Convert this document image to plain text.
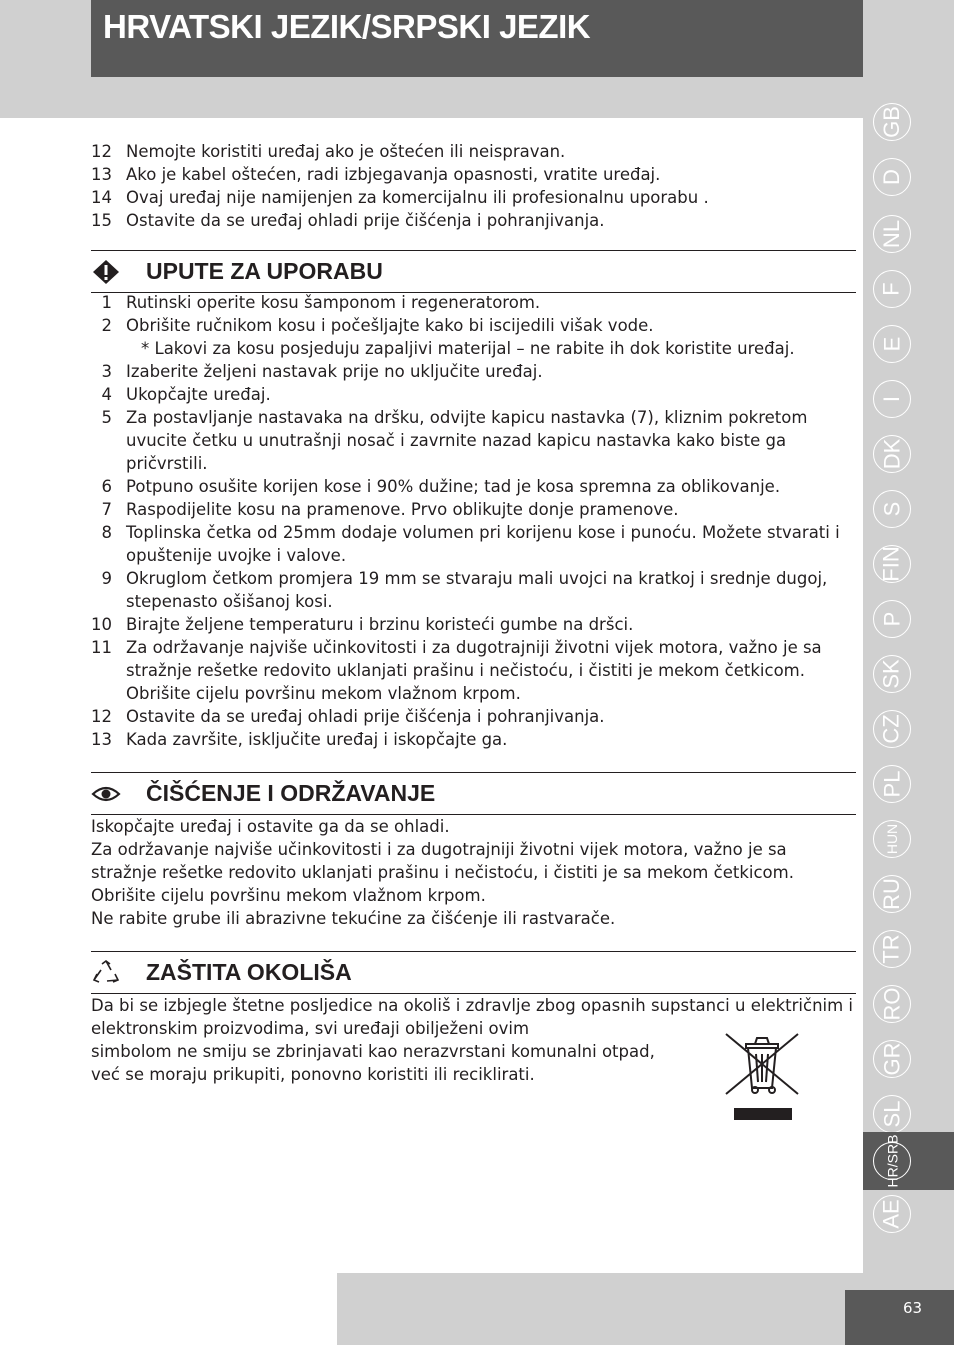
HRVATSKI JEZIK/SRPSKI JEZIK
12 Nemojte koristiti uređaj ako je oštećen ili neispravan.
13 Ako je kabel oštećen, radi izbjegavanja opasnosti, vratite uređaj.
14 Ovaj uređaj nije namijenjen za komercijalnu ili profesionalnu uporabu .
15 Ostavite da se uređaj ohladi prije čišćenja i pohranjivanja.
UPUTE ZA UPORABU
1 Rutinski operite kosu šamponom i regeneratorom.
2 Obrišite ručnikom kosu i počešljajte kako bi iscijedili višak vode.
* Lakovi za kosu posjeduju zapaljivi materijal – ne rabite ih dok koristite uređaj.
3 Izaberite željeni nastavak prije no uključite uređaj.
4 Ukopčajte uređaj.
5 Za postavljanje nastavaka na dršku, odvijte kapicu nastavka (7), kliznim pokretom uvucite četku u unutrašnji nosač i zavrnite nazad kapicu nastavka kako biste ga pričvrstili.
6 Potpuno osušite korijen kose i 90% dužine; tad je kosa spremna za oblikovanje.
7 Raspodijelite kosu na pramenove. Prvo oblikujte donje pramenove.
8 Toplinska četka od 25mm dodaje volumen pri korijenu kose i punoću. Možete stvarati i opuštenije uvojke i valove.
9 Okruglom četkom promjera 19 mm se stvaraju mali uvojci na kratkoj i srednje dugoj, stepenasto ošišanoj kosi.
10 Birajte željene temperaturu i brzinu koristeći gumbe na dršci.
11 Za održavanje najviše učinkovitosti i za dugotrajniji životni vijek motora, važno je sa stražnje rešetke redovito uklanjati prašinu i nečistoću, i čistiti je mekom četkicom. Obrišite cijelu površinu mekom vlažnom krpom.
12 Ostavite da se uređaj ohladi prije čišćenja i pohranjivanja.
13 Kada završite, isključite uređaj i iskopčajte ga.
ČIŠĆENJE I ODRŽAVANJE

Iskopčajte uređaj i ostavite ga da se ohladi.

Za održavanje najviše učinkovitosti i za dugotrajniji životni vijek motora, važno je sa stražnje rešetke redovito uklanjati prašinu i nečistoću, i čistiti je sa mekom četkicom.

Obrišite cijelu površinu mekom vlažnom krpom.

Ne rabite grube ili abrazivne tekućine za čišćenje ili rastvarače.

ZAŠTITA OKOLIŠA

Da bi se izbjegle štetne posljedice na okoliš i zdravlje zbog opasnih supstanci u električnim i elektronskim proizvodima, svi uređaji obilježeni ovim

simbolom ne smiju se zbrinjavati kao nerazvrstani komunalni otpad,

već se moraju prikupiti, ponovno koristiti ili reciklirati.

GB
D
NL
F
E
I
DK
S
FIN
P
SK
CZ
PL
HUN
RU
TR
RO
GR
SL
HR/SRB
AE
63
